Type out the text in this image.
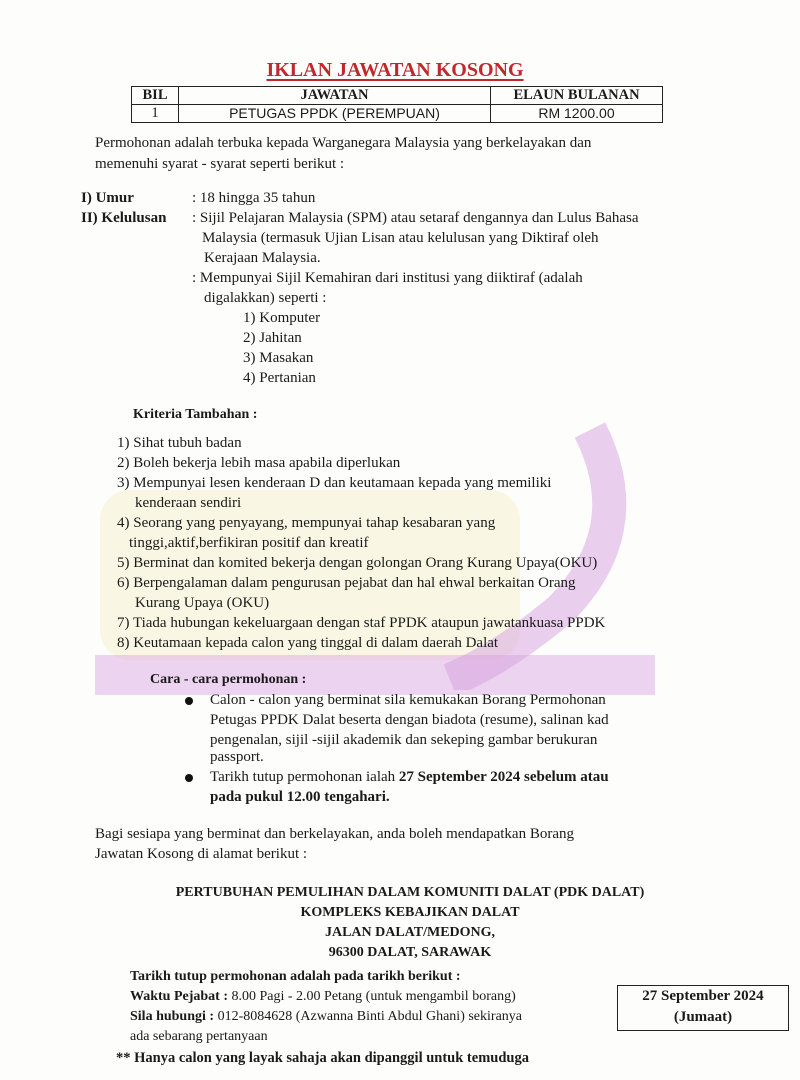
IKLAN JAWATAN KOSONG
BIL	JAWATAN	ELAUN BULANAN
1	PETUGAS PPDK (PEREMPUAN)	RM 1200.00
Permohonan adalah terbuka kepada Warganegara Malaysia yang berkelayakan dan
memenuhi syarat - syarat seperti berikut :
I) Umur	: 18 hingga 35 tahun
II) Kelulusan : Sijil Pelajaran Malaysia (SPM) atau setaraf dengannya dan Lulus Bahasa
Malaysia (termasuk Ujian Lisan atau kelulusan yang Diktiraf oleh
Kerajaan Malaysia.
: Mempunyai Sijil Kemahiran dari institusi yang diiktiraf (adalah
digalakkan) seperti :
1) Komputer
2) Jahitan
3) Masakan
4) Pertanian
Kriteria Tambahan :
1) Sihat tubuh badan
2) Boleh bekerja lebih masa apabila diperlukan
3) Mempunyai lesen kenderaan D dan keutamaan kepada yang memiliki
kenderaan sendiri
4) Seorang yang penyayang, mempunyai tahap kesabaran yang
tinggi,aktif,berfikiran positif dan kreatif
5) Berminat dan komited bekerja dengan golongan Orang Kurang Upaya(OKU)
6) Berpengalaman dalam pengurusan pejabat dan hal ehwal berkaitan Orang
Kurang Upaya (OKU)
7) Tiada hubungan kekeluargaan dengan staf PPDK ataupun jawatankuasa PPDK
8) Keutamaan kepada calon yang tinggal di dalam daerah Dalat
Cara - cara permohonan :
Calon - calon yang berminat sila kemukakan Borang Permohonan
Petugas PPDK Dalat beserta dengan biadota (resume), salinan kad
pengenalan, sijil -sijil akademik dan sekeping gambar berukuran
passport.
Tarikh tutup permohonan ialah 27 September 2024 sebelum atau
pada pukul 12.00 tengahari.
Bagi sesiapa yang berminat dan berkelayakan, anda boleh mendapatkan Borang
Jawatan Kosong di alamat berikut :
PERTUBUHAN PEMULIHAN DALAM KOMUNITI DALAT (PDK DALAT)
KOMPLEKS KEBAJIKAN DALAT
JALAN DALAT/MEDONG,
96300 DALAT, SARAWAK
Tarikh tutup permohonan adalah pada tarikh berikut :
Waktu Pejabat : 8.00 Pagi - 2.00 Petang (untuk mengambil borang)
Sila hubungi : 012-8084628 (Azwanna Binti Abdul Ghani) sekiranya
ada sebarang pertanyaan
** Hanya calon yang layak sahaja akan dipanggil untuk temuduga
27 September 2024
(Jumaat)
